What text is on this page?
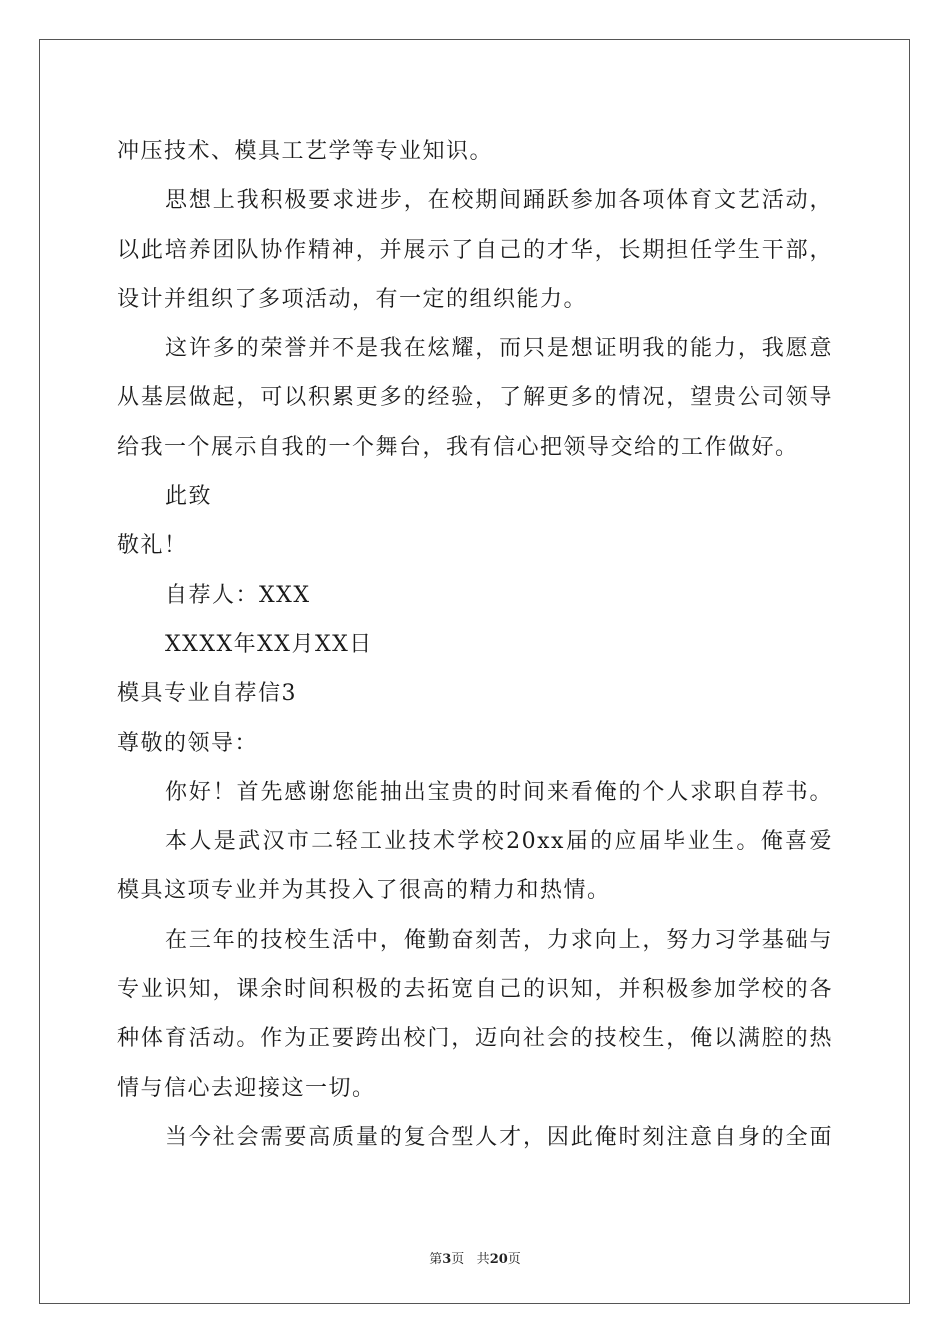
冲压技术、模具工艺学等专业知识。
思想上我积极要求进步，在校期间踊跃参加各项体育文艺活动，
以此培养团队协作精神，并展示了自己的才华，长期担任学生干部，
设计并组织了多项活动，有一定的组织能力。
这许多的荣誉并不是我在炫耀，而只是想证明我的能力，我愿意
从基层做起，可以积累更多的经验，了解更多的情况，望贵公司领导
给我一个展示自我的一个舞台，我有信心把领导交给的工作做好。
此致
敬礼！
自荐人：XXX
XXXX年XX月XX日
模具专业自荐信3
尊敬的领导：
你好！首先感谢您能抽出宝贵的时间来看俺的个人求职自荐书。
本人是武汉市二轻工业技术学校20xx届的应届毕业生。俺喜爱
模具这项专业并为其投入了很高的精力和热情。
在三年的技校生活中，俺勤奋刻苦，力求向上，努力习学基础与
专业识知，课余时间积极的去拓宽自己的识知，并积极参加学校的各
种体育活动。作为正要跨出校门，迈向社会的技校生，俺以满腔的热
情与信心去迎接这一切。
当今社会需要高质量的复合型人才，因此俺时刻注意自身的全面
第3页 共20页
